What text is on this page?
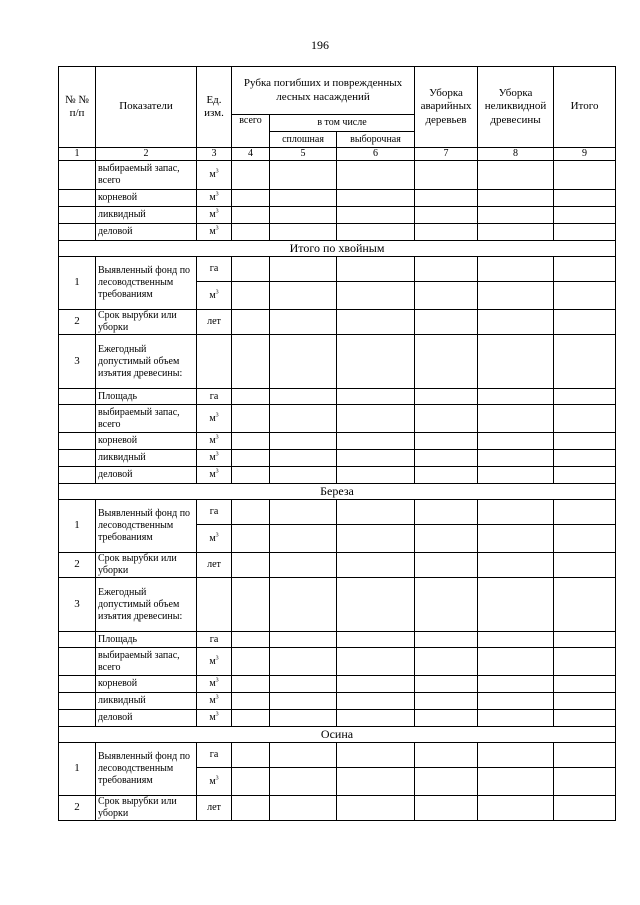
196
№ № п/п	Показатели	Ед. изм.	Рубка погибших и поврежденных лесных насаждений			Уборка аварийных деревьев	Уборка неликвидной древесины	Итого
			всего	в том числе				
				сплошная	выборочная			
1	2	3	4	5	6	7	8	9
	выбираемый запас, всего	$м^3$						
	корневой	$м^3$						
	ликвидный	$м^3$						
	деловой	$м^3$						
Итого по хвойным								
1	Выявленный фонд по лесоводственным требованиям	га						
		$м^3$						
2	Срок вырубки или уборки	лет						
3	Ежегодный допустимый объем изъятия древесины:							
	Площадь	га						
	выбираемый запас, всего	$м^3$						
	корневой	$м^3$						
	ликвидный	$м^3$						
	деловой	$м^3$						
Береза								
1	Выявленный фонд по лесоводственным требованиям	га						
		$м^3$						
2	Срок вырубки или уборки	лет						
3	Ежегодный допустимый объем изъятия древесины:							
	Площадь	га						
	выбираемый запас, всего	$м^3$						
	корневой	$м^3$						
	ликвидный	$м^3$						
	деловой	$м^3$						
Осина								
1	Выявленный фонд по лесоводственным требованиям	га						
		$м^3$						
2	Срок вырубки или уборки	лет						
